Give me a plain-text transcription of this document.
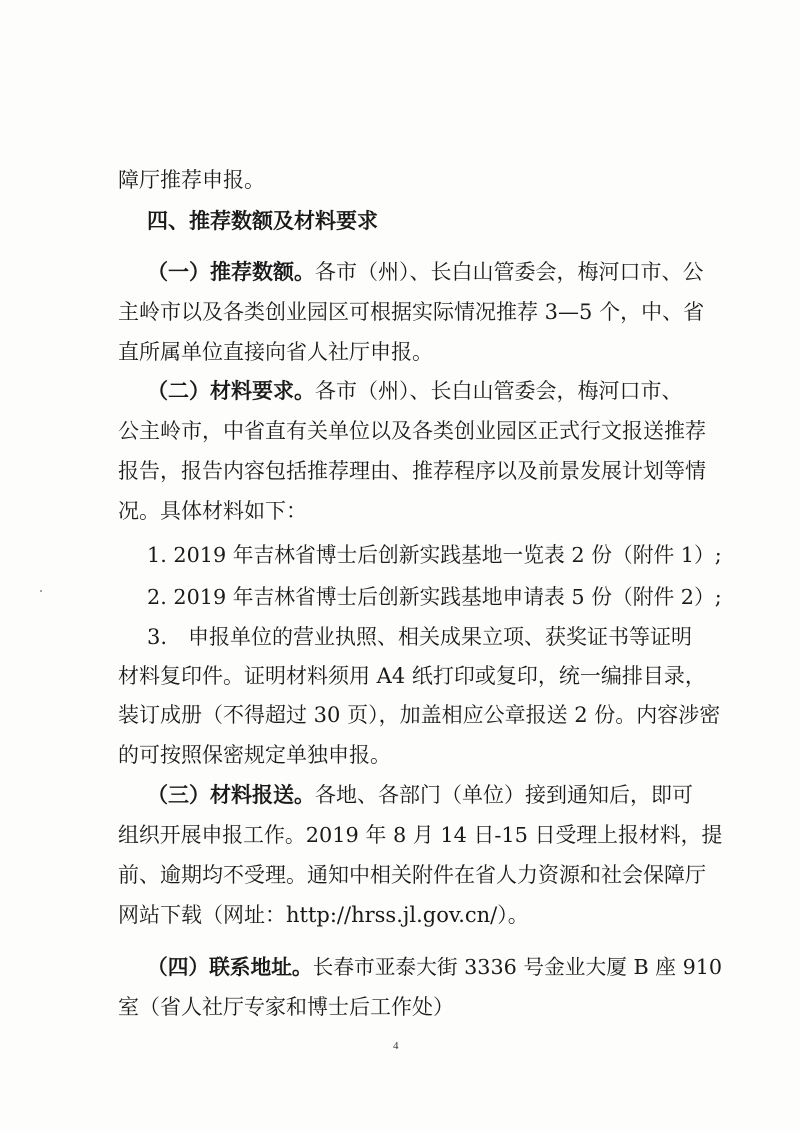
障厅推荐申报。
四、推荐数额及材料要求
（一）推荐数额。各市（州）、长白山管委会，梅河口市、公
主岭市以及各类创业园区可根据实际情况推荐 3—5 个，中、省
直所属单位直接向省人社厅申报。
（二）材料要求。各市（州）、长白山管委会，梅河口市、
公主岭市，中省直有关单位以及各类创业园区正式行文报送推荐
报告，报告内容包括推荐理由、推荐程序以及前景发展计划等情
况。具体材料如下：
1. 2019 年吉林省博士后创新实践基地一览表 2 份（附件 1）;
2. 2019 年吉林省博士后创新实践基地申请表 5 份（附件 2）;
3.　申报单位的营业执照、相关成果立项、获奖证书等证明
材料复印件。证明材料须用 A4 纸打印或复印，统一编排目录，
装订成册（不得超过 30 页），加盖相应公章报送 2 份。内容涉密
的可按照保密规定单独申报。
（三）材料报送。各地、各部门（单位）接到通知后，即可
组织开展申报工作。2019 年 8 月 14 日-15 日受理上报材料，提
前、逾期均不受理。通知中相关附件在省人力资源和社会保障厅
网站下载（网址：http://hrss.jl.gov.cn/）。
（四）联系地址。长春市亚泰大街 3336 号金业大厦 B 座 910
室（省人社厅专家和博士后工作处）
4
